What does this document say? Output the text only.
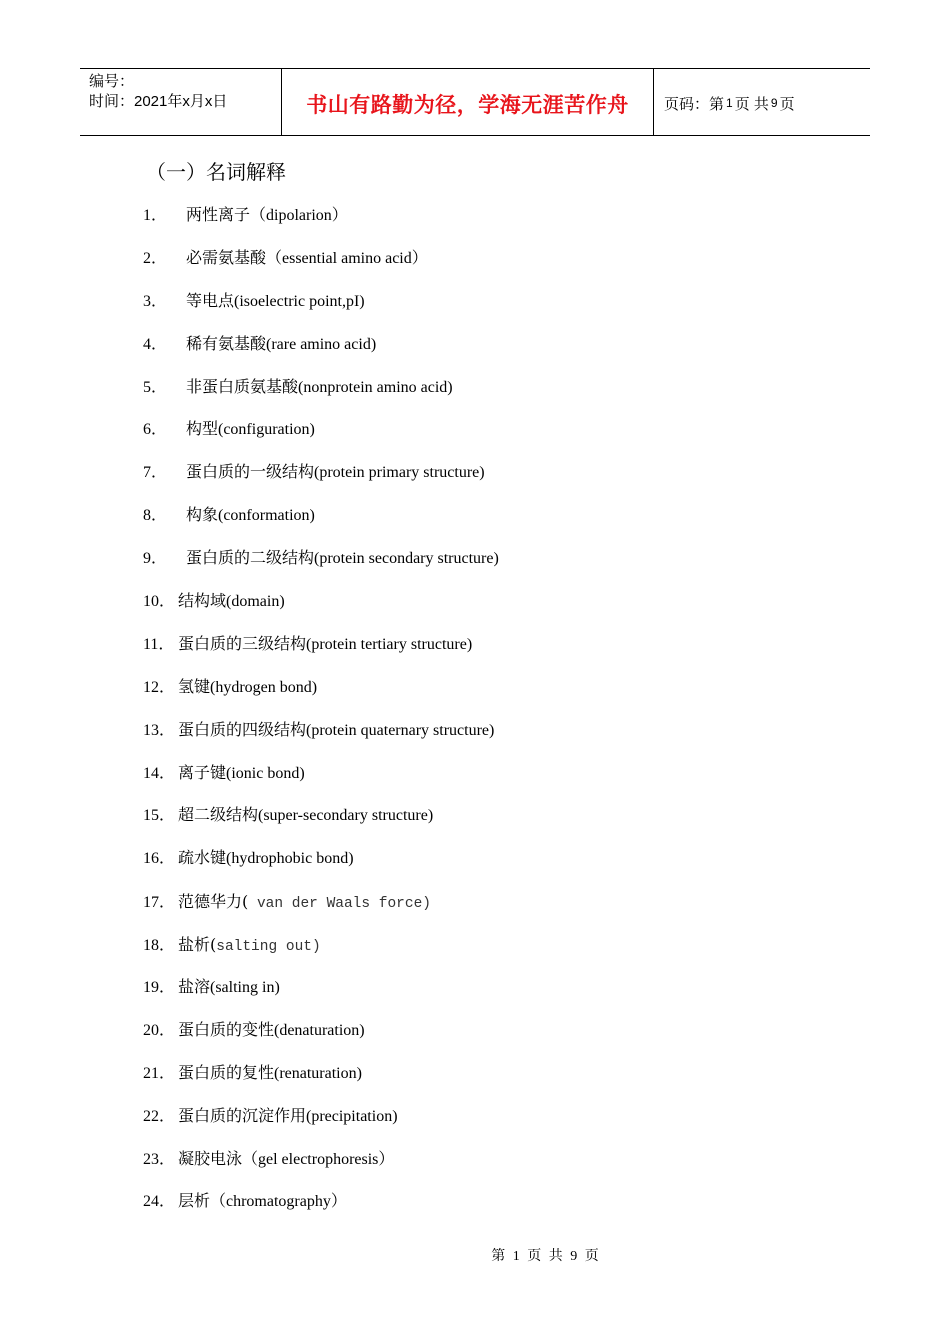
编号：
时间：2021年x月x日	书山有路勤为径，学海无涯苦作舟	页码：第 1 页 共 9 页
（一）名词解释
1． 两性离子（dipolarion）
2． 必需氨基酸（essential amino acid）
3． 等电点(isoelectric point,pI)
4． 稀有氨基酸(rare amino acid)
5． 非蛋白质氨基酸(nonprotein amino acid)
6． 构型(configuration)
7． 蛋白质的一级结构(protein primary structure)
8． 构象(conformation)
9． 蛋白质的二级结构(protein secondary structure)
10． 结构域(domain)
11． 蛋白质的三级结构(protein tertiary structure)
12． 氢键(hydrogen bond)
13． 蛋白质的四级结构(protein quaternary structure)
14． 离子键(ionic bond)
15． 超二级结构(super-secondary structure)
16． 疏水键(hydrophobic bond)
17． 范德华力( van der Waals force)
18． 盐析(salting out)
19． 盐溶(salting in)
20． 蛋白质的变性(denaturation)
21． 蛋白质的复性(renaturation)
22． 蛋白质的沉淀作用(precipitation)
23． 凝胶电泳（gel electrophoresis）
24． 层析（chromatography）
第 1 页 共 9 页
